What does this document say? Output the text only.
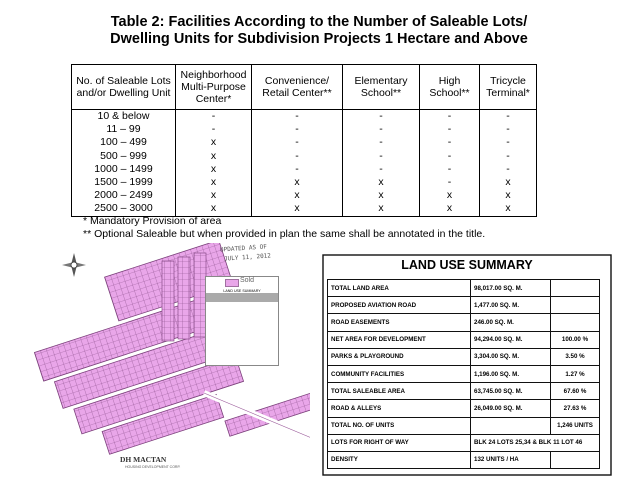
Table 2: Facilities According to the Number of Saleable Lots/
Dwelling Units for Subdivision Projects 1 Hectare and Above
No. of Saleable Lots and/or Dwelling Unit	Neighborhood Multi-Purpose Center*	Convenience/ Retail Center**	Elementary School**	High School**	Tricycle Terminal*
10 & below	-	-	-	-	-
11 – 99	-	-	-	-	-
100 – 499	x	-	-	-	-
500 – 999	x	-	-	-	-
1000 – 1499	x	-	-	-	-
1500 – 1999	x	x	x	-	x
2000 – 2499	x	x	x	x	x
2500 – 3000	x	x	x	x	x
* Mandatory Provision of area
** Optional Saleable but when provided in plan the same shall be annotated in the title.
UPDATED AS OF
JULY 11, 2012
LAND USE SUMMARY
Sold
DH MACTAN
HOUSING DEVELOPMENT CORP.
LAND USE SUMMARY
TOTAL LAND AREA	98,017.00 SQ. M.	
PROPOSED AVIATION ROAD	1,477.00 SQ. M.	
ROAD EASEMENTS	246.00 SQ. M.	
NET AREA FOR DEVELOPMENT	94,294.00 SQ. M.	100.00 %
PARKS & PLAYGROUND	3,304.00 SQ. M.	3.50 %
COMMUNITY FACILITIES	1,196.00 SQ. M.	1.27 %
TOTAL SALEABLE AREA	63,745.00 SQ. M.	67.60 %
ROAD & ALLEYS	26,049.00 SQ. M.	27.63 %
TOTAL NO. OF UNITS		1,246 UNITS
LOTS FOR RIGHT OF WAY	BLK 24 LOTS 25,34 & BLK 11 LOT 46	
DENSITY	132 UNITS / HA	
